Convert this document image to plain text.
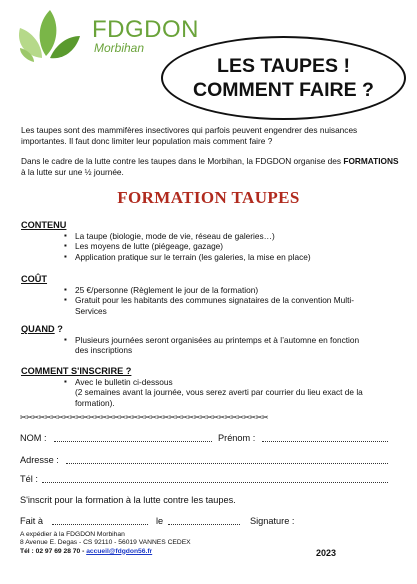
FDGDON
Morbihan
LES TAUPES !
COMMENT FAIRE ?
Les taupes sont des mammifères insectivores qui parfois peuvent engendrer des nuisances importantes. Il faut donc limiter leur population mais comment faire ?
Dans le cadre de la lutte contre les taupes dans le Morbihan, la FDGDON organise des FORMATIONS à la lutte sur une ½ journée.
FORMATION TAUPES
CONTENU
▪ La taupe (biologie, mode de vie, réseau de galeries…)
▪ Les moyens de lutte (piégeage, gazage)
▪ Application pratique sur le terrain (les galeries, la mise en place)
COÛT
▪ 25 €/personne (Règlement le jour de la formation)
▪ Gratuit pour les habitants des communes signataires de la convention Multi-Services
QUAND ?
▪ Plusieurs journées seront organisées au printemps et à l’automne en fonction des inscriptions
COMMENT S'INSCRIRE ?
▪ Avec le bulletin ci-dessous
(2 semaines avant la journée, vous serez averti par courrier du lieu exact de la formation).
✂✂✂✂✂✂✂✂✂✂✂✂✂✂✂✂✂✂✂✂✂✂✂✂✂✂✂✂✂✂✂✂✂✂✂✂✂✂✂✂
NOM :	Prénom :
Adresse :
Tél :
S'inscrit pour la formation à la lutte contre les taupes.
Fait à	le	Signature :
A expédier à la FDGDON Morbihan
8 Avenue E. Degas - CS 92110 - 56019 VANNES CEDEX
Tél : 02 97 69 28 70 - accueil@fdgdon56.fr	2023
